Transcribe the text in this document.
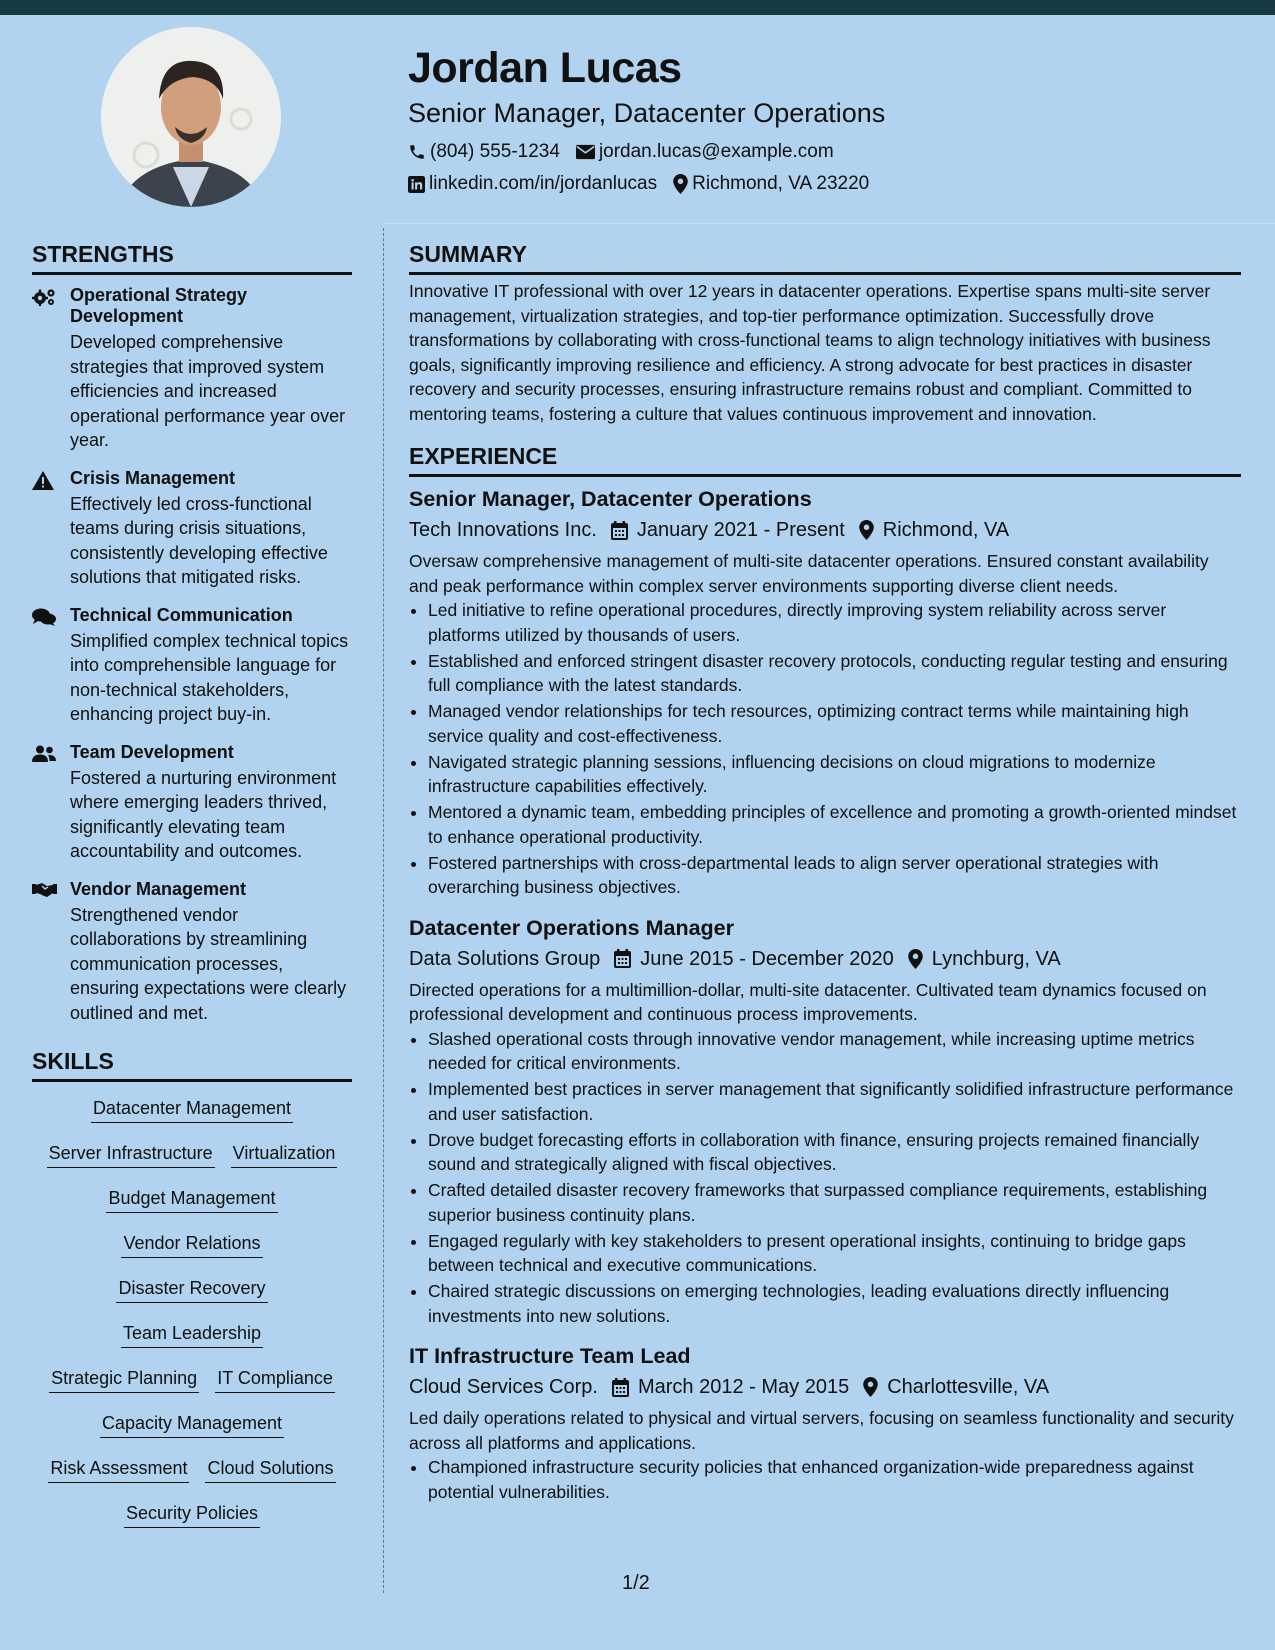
Jordan Lucas
Senior Manager, Datacenter Operations
(804) 555-1234 jordan.lucas@example.com
linkedin.com/in/jordanlucas Richmond, VA 23220
STRENGTHS
Operational Strategy Development
Developed comprehensive strategies that improved system efficiencies and increased operational performance year over year.
Crisis Management
Effectively led cross-functional teams during crisis situations, consistently developing effective solutions that mitigated risks.
Technical Communication
Simplified complex technical topics into comprehensible language for non-technical stakeholders, enhancing project buy-in.
Team Development
Fostered a nurturing environment where emerging leaders thrived, significantly elevating team accountability and outcomes.
Vendor Management
Strengthened vendor collaborations by streamlining communication processes, ensuring expectations were clearly outlined and met.
SKILLS
Datacenter Management
Server Infrastructure Virtualization
Budget Management
Vendor Relations
Disaster Recovery
Team Leadership
Strategic Planning IT Compliance
Capacity Management
Risk Assessment Cloud Solutions
Security Policies
SUMMARY

Innovative IT professional with over 12 years in datacenter operations. Expertise spans multi-site server management, virtualization strategies, and top-tier performance optimization. Successfully drove transformations by collaborating with cross-functional teams to align technology initiatives with business goals, significantly improving resilience and efficiency. A strong advocate for best practices in disaster recovery and security processes, ensuring infrastructure remains robust and compliant. Committed to mentoring teams, fostering a culture that values continuous improvement and innovation.

EXPERIENCE
Senior Manager, Datacenter Operations
Tech Innovations Inc. January 2021 - Present Richmond, VA

Oversaw comprehensive management of multi-site datacenter operations. Ensured constant availability and peak performance within complex server environments supporting diverse client needs.

• Led initiative to refine operational procedures, directly improving system reliability across server platforms utilized by thousands of users.
• Established and enforced stringent disaster recovery protocols, conducting regular testing and ensuring full compliance with the latest standards.
• Managed vendor relationships for tech resources, optimizing contract terms while maintaining high service quality and cost-effectiveness.
• Navigated strategic planning sessions, influencing decisions on cloud migrations to modernize infrastructure capabilities effectively.
• Mentored a dynamic team, embedding principles of excellence and promoting a growth-oriented mindset to enhance operational productivity.
• Fostered partnerships with cross-departmental leads to align server operational strategies with overarching business objectives.
Datacenter Operations Manager
Data Solutions Group June 2015 - December 2020 Lynchburg, VA

Directed operations for a multimillion-dollar, multi-site datacenter. Cultivated team dynamics focused on professional development and continuous process improvements.

• Slashed operational costs through innovative vendor management, while increasing uptime metrics needed for critical environments.
• Implemented best practices in server management that significantly solidified infrastructure performance and user satisfaction.
• Drove budget forecasting efforts in collaboration with finance, ensuring projects remained financially sound and strategically aligned with fiscal objectives.
• Crafted detailed disaster recovery frameworks that surpassed compliance requirements, establishing superior business continuity plans.
• Engaged regularly with key stakeholders to present operational insights, continuing to bridge gaps between technical and executive communications.
• Chaired strategic discussions on emerging technologies, leading evaluations directly influencing investments into new solutions.
IT Infrastructure Team Lead
Cloud Services Corp. March 2012 - May 2015 Charlottesville, VA

Led daily operations related to physical and virtual servers, focusing on seamless functionality and security across all platforms and applications.

• Championed infrastructure security policies that enhanced organization-wide preparedness against potential vulnerabilities.
1/2
